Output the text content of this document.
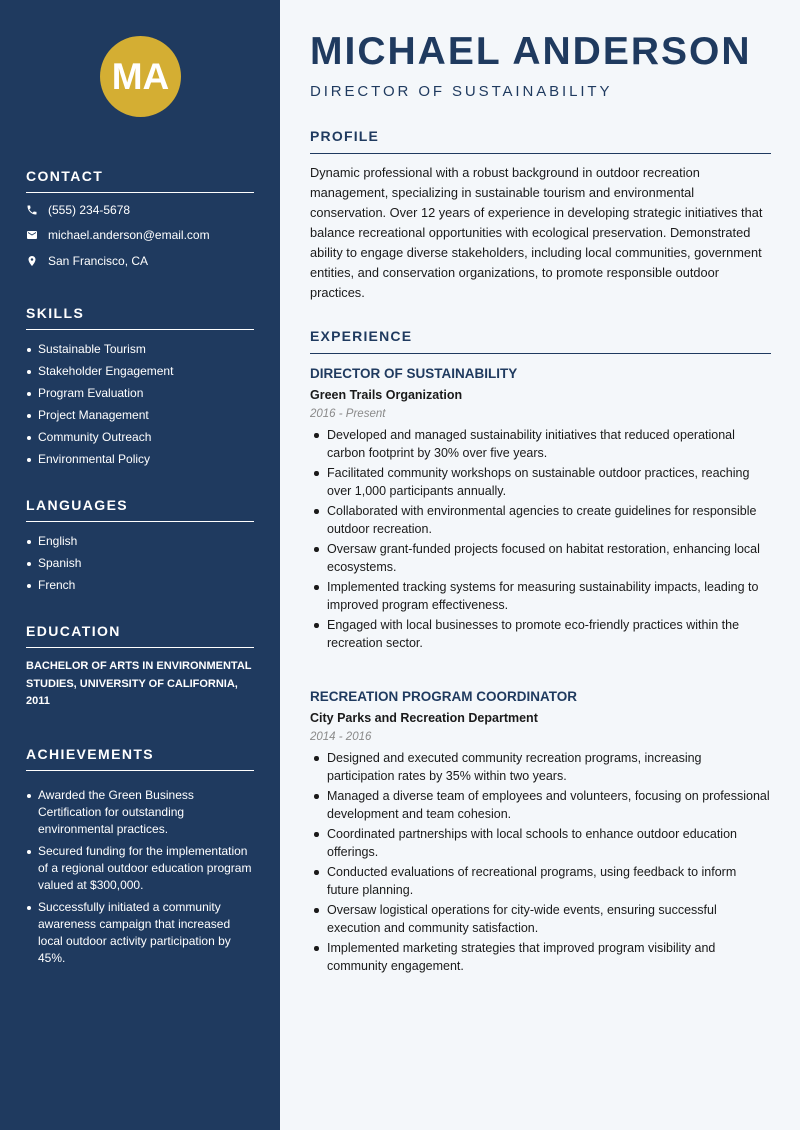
MA
CONTACT
(555) 234-5678
michael.anderson@email.com
San Francisco, CA
SKILLS
Sustainable Tourism
Stakeholder Engagement
Program Evaluation
Project Management
Community Outreach
Environmental Policy
LANGUAGES
English
Spanish
French
EDUCATION
BACHELOR OF ARTS IN ENVIRONMENTAL STUDIES, UNIVERSITY OF CALIFORNIA, 2011
ACHIEVEMENTS
Awarded the Green Business Certification for outstanding environmental practices.
Secured funding for the implementation of a regional outdoor education program valued at $300,000.
Successfully initiated a community awareness campaign that increased local outdoor activity participation by 45%.
MICHAEL ANDERSON
DIRECTOR OF SUSTAINABILITY
PROFILE

Dynamic professional with a robust background in outdoor recreation management, specializing in sustainable tourism and environmental conservation. Over 12 years of experience in developing strategic initiatives that balance recreational opportunities with ecological preservation. Demonstrated ability to engage diverse stakeholders, including local communities, government entities, and conservation organizations, to promote responsible outdoor practices.

EXPERIENCE
DIRECTOR OF SUSTAINABILITY
Green Trails Organization
2016 - Present
Developed and managed sustainability initiatives that reduced operational carbon footprint by 30% over five years.
Facilitated community workshops on sustainable outdoor practices, reaching over 1,000 participants annually.
Collaborated with environmental agencies to create guidelines for responsible outdoor recreation.
Oversaw grant-funded projects focused on habitat restoration, enhancing local ecosystems.
Implemented tracking systems for measuring sustainability impacts, leading to improved program effectiveness.
Engaged with local businesses to promote eco-friendly practices within the recreation sector.
RECREATION PROGRAM COORDINATOR
City Parks and Recreation Department
2014 - 2016
Designed and executed community recreation programs, increasing participation rates by 35% within two years.
Managed a diverse team of employees and volunteers, focusing on professional development and team cohesion.
Coordinated partnerships with local schools to enhance outdoor education offerings.
Conducted evaluations of recreational programs, using feedback to inform future planning.
Oversaw logistical operations for city-wide events, ensuring successful execution and community satisfaction.
Implemented marketing strategies that improved program visibility and community engagement.
